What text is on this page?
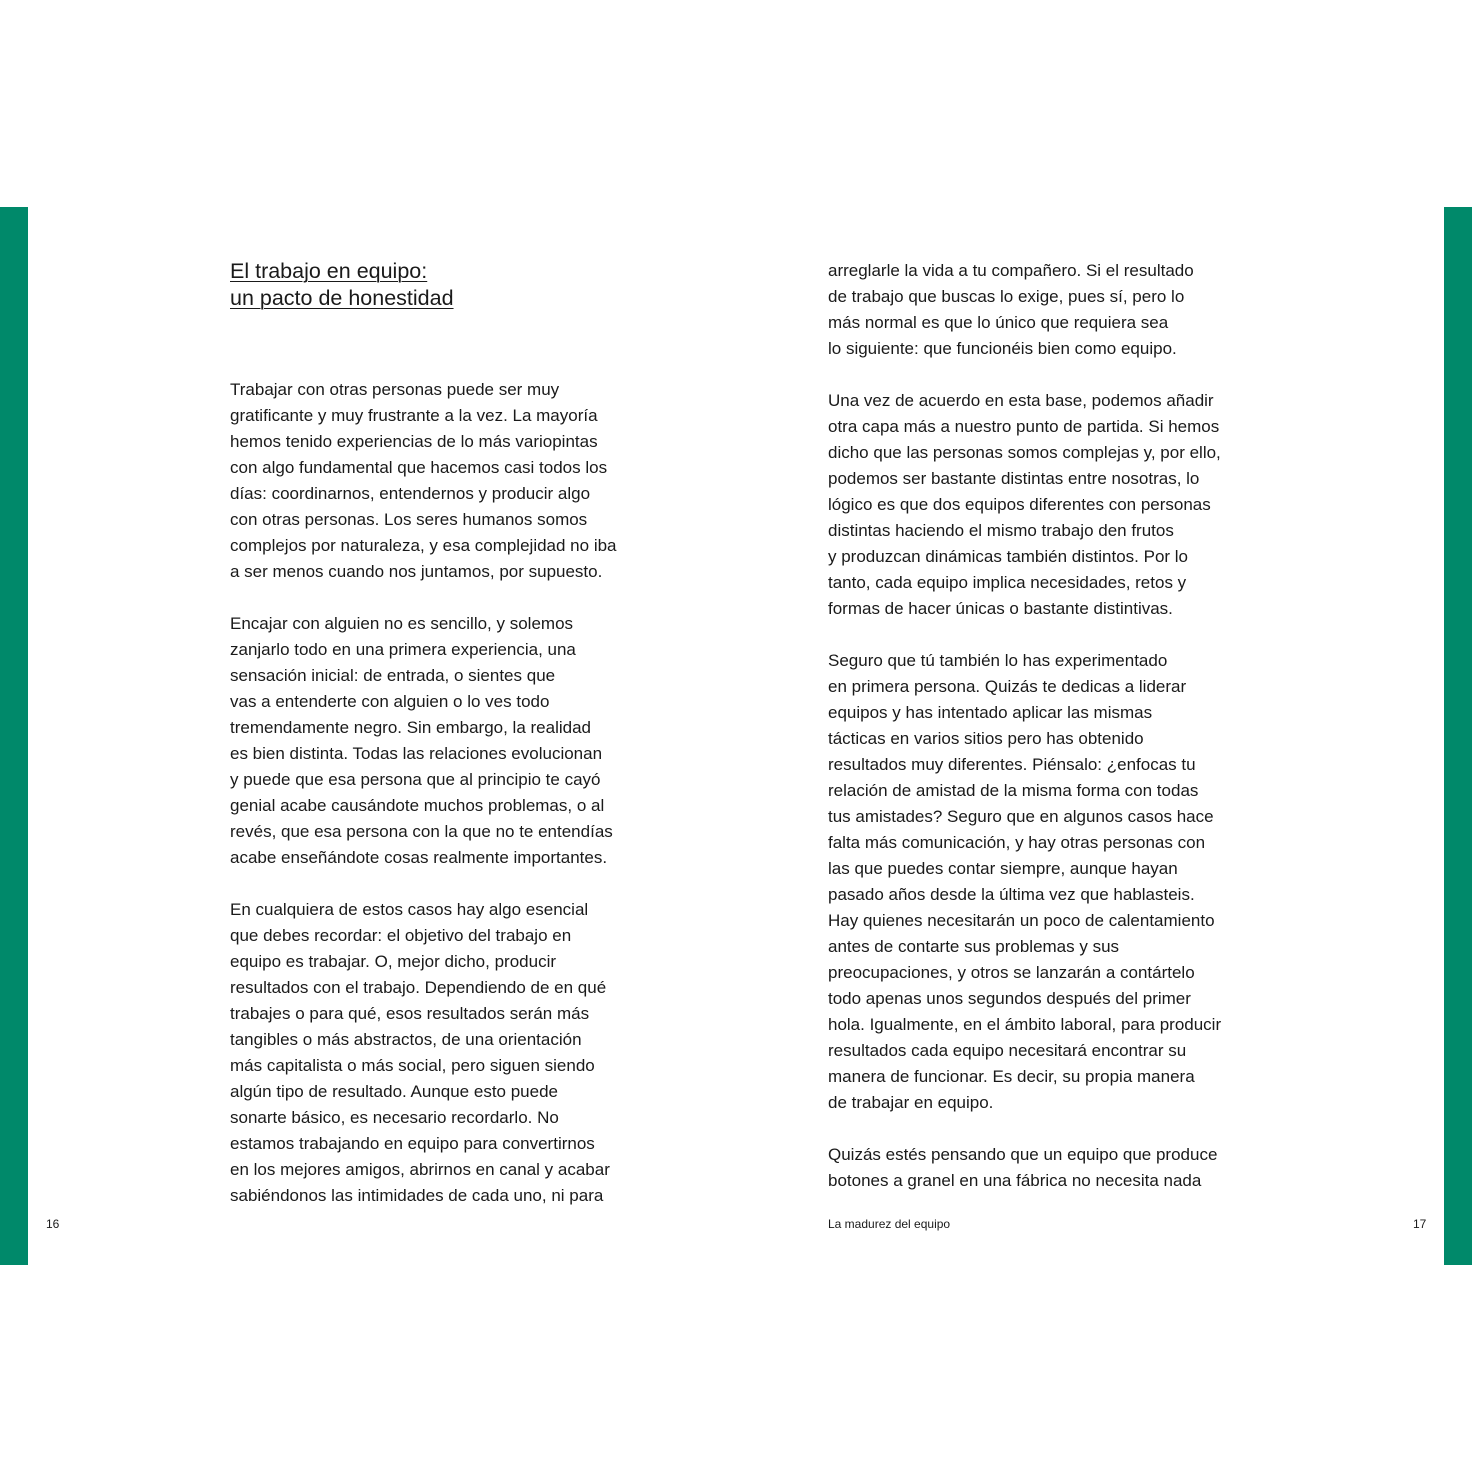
El trabajo en equipo:
un pacto de honestidad
Trabajar con otras personas puede ser muy
gratificante y muy frustrante a la vez. La mayoría
hemos tenido experiencias de lo más variopintas
con algo fundamental que hacemos casi todos los
días: coordinarnos, entendernos y producir algo
con otras personas. Los seres humanos somos
complejos por naturaleza, y esa complejidad no iba
a ser menos cuando nos juntamos, por supuesto.
Encajar con alguien no es sencillo, y solemos
zanjarlo todo en una primera experiencia, una
sensación inicial: de entrada, o sientes que
vas a entenderte con alguien o lo ves todo
tremendamente negro. Sin embargo, la realidad
es bien distinta. Todas las relaciones evolucionan
y puede que esa persona que al principio te cayó
genial acabe causándote muchos problemas, o al
revés, que esa persona con la que no te entendías
acabe enseñándote cosas realmente importantes.
En cualquiera de estos casos hay algo esencial
que debes recordar: el objetivo del trabajo en
equipo es trabajar. O, mejor dicho, producir
resultados con el trabajo. Dependiendo de en qué
trabajes o para qué, esos resultados serán más
tangibles o más abstractos, de una orientación
más capitalista o más social, pero siguen siendo
algún tipo de resultado. Aunque esto puede
sonarte básico, es necesario recordarlo. No
estamos trabajando en equipo para convertirnos
en los mejores amigos, abrirnos en canal y acabar
sabiéndonos las intimidades de cada uno, ni para
arreglarle la vida a tu compañero. Si el resultado
de trabajo que buscas lo exige, pues sí, pero lo
más normal es que lo único que requiera sea
lo siguiente: que funcionéis bien como equipo.
Una vez de acuerdo en esta base, podemos añadir
otra capa más a nuestro punto de partida. Si hemos
dicho que las personas somos complejas y, por ello,
podemos ser bastante distintas entre nosotras, lo
lógico es que dos equipos diferentes con personas
distintas haciendo el mismo trabajo den frutos
y produzcan dinámicas también distintos. Por lo
tanto, cada equipo implica necesidades, retos y
formas de hacer únicas o bastante distintivas.
Seguro que tú también lo has experimentado
en primera persona. Quizás te dedicas a liderar
equipos y has intentado aplicar las mismas
tácticas en varios sitios pero has obtenido
resultados muy diferentes. Piénsalo: ¿enfocas tu
relación de amistad de la misma forma con todas
tus amistades? Seguro que en algunos casos hace
falta más comunicación, y hay otras personas con
las que puedes contar siempre, aunque hayan
pasado años desde la última vez que hablasteis.
Hay quienes necesitarán un poco de calentamiento
antes de contarte sus problemas y sus
preocupaciones, y otros se lanzarán a contártelo
todo apenas unos segundos después del primer
hola. Igualmente, en el ámbito laboral, para producir
resultados cada equipo necesitará encontrar su
manera de funcionar. Es decir, su propia manera
de trabajar en equipo.
Quizás estés pensando que un equipo que produce
botones a granel en una fábrica no necesita nada
16	La madurez del equipo	17
